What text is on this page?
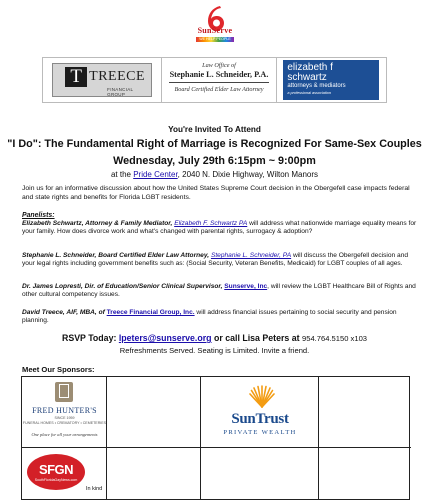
SunServe
WE HELP PEOPLE
T TREECE
FINANCIAL GROUP
Law Office of
Stephanie L. Schneider, P.A.
Board Certified Elder Law Attorney
elizabeth f
schwartz
attorneys & mediators
a professional association
You're Invited To Attend
"I Do": The Fundamental Right of Marriage is Recognized For Same-Sex Couples
Wednesday, July 29th 6:15pm ~ 9:00pm
at the Pride Center, 2040 N. Dixie Highway, Wilton Manors
Join us for an informative discussion about how the United States Supreme Court decision in the Obergefell case impacts federal and state rights and benefits for Florida LGBT residents.
Panelists:
Elizabeth Schwartz, Attorney & Family Mediator, Elizabeth F. Schwartz PA will address what nationwide marriage equality means for your family. How does divorce work and what's changed with parental rights, surrogacy & adoption?
Stephanie L. Schneider, Board Certified Elder Law Attorney, Stephanie L. Schneider, PA will discuss the Obergefell decision and your legal rights including government benefits such as: (Social Security, Veteran Benefits, Medicaid) for LGBT couples of all ages.
Dr. James Lopresti, Dir. of Education/Senior Clinical Supervisor, Sunserve, Inc, will review the LGBT Healthcare Bill of Rights and other cultural competency issues.
David Treece, AIF, MBA, of Treece Financial Group, Inc. will address financial issues pertaining to social security and pension planning.
RSVP Today: lpeters@sunserve.org or call Lisa Peters at 954.764.5150 x103
Refreshments Served. Seating is Limited. Invite a friend.
Meet Our Sponsors:
FRED HUNTER'S
SINCE 1959
FUNERAL HOMES • CREMATORY • CEMETERIES
One place for all your arrangements
SunTrust
PRIVATE WEALTH
SFGN
SouthFloridaGayNews.com
In kind
